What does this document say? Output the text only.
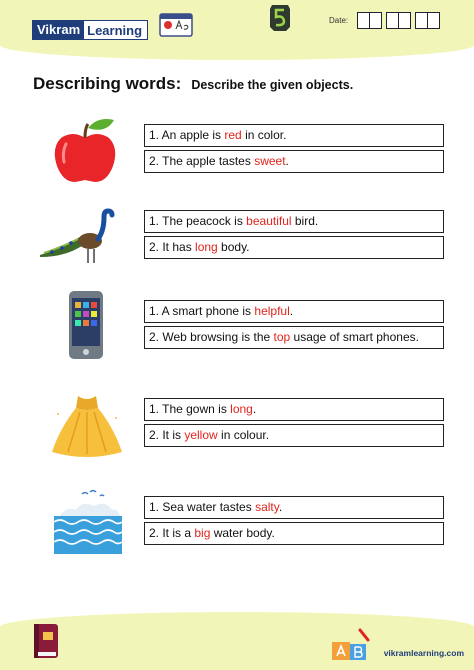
Vikram Learning
Date:
Describing words: Describe the given objects.
1. An apple is red in color.
2. The apple tastes sweet.
1. The peacock is beautiful bird.
2. It has long body.
1. A smart phone is helpful.
2. Web browsing is the top usage of smart phones.
1. The gown is long.
2. It is yellow in colour.
1. Sea water tastes salty.
2. It is a big water body.
vikramlearning.com
